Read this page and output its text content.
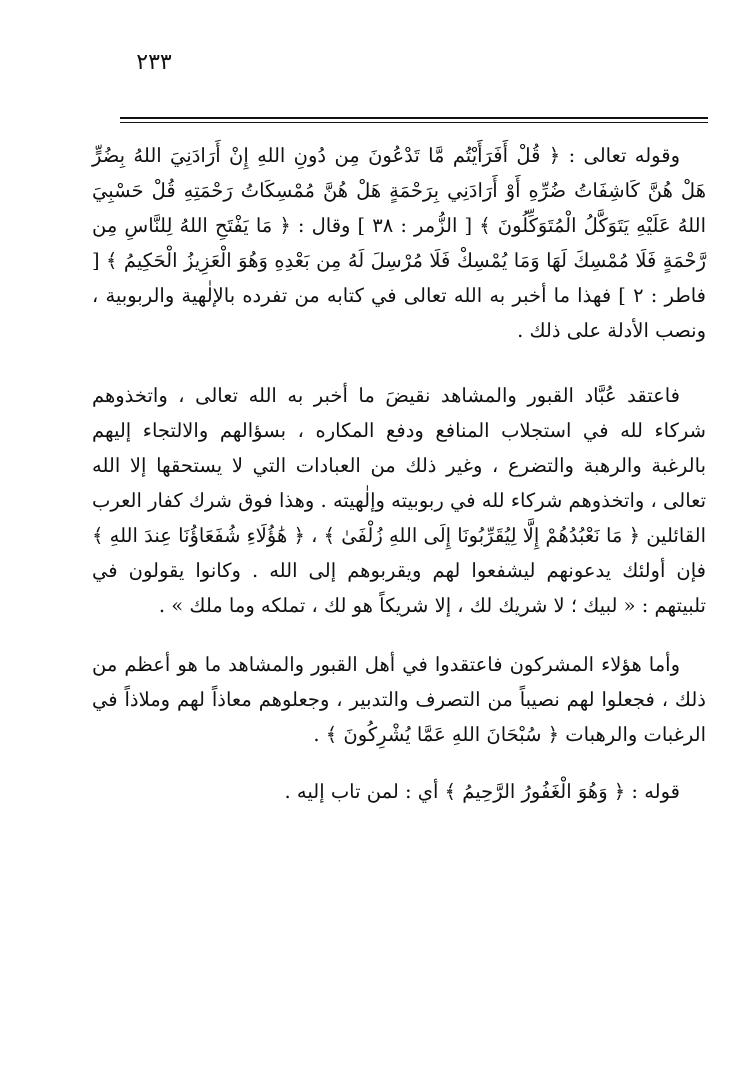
٢٣٣

وقوله تعالى : ﴿ قُلْ أَفَرَأَيْتُم مَّا تَدْعُونَ مِن دُونِ اللهِ إِنْ أَرَادَنِيَ اللهُ بِضُرٍّ هَلْ هُنَّ كَاشِفَاتُ ضُرِّهِ أَوْ أَرَادَنِي بِرَحْمَةٍ هَلْ هُنَّ مُمْسِكَاتُ رَحْمَتِهِ قُلْ حَسْبِيَ اللهُ عَلَيْهِ يَتَوَكَّلُ الْمُتَوَكِّلُونَ ﴾ [ الزُّمر : ٣٨ ] وقال : ﴿ مَا يَفْتَحِ اللهُ لِلنَّاسِ مِن رَّحْمَةٍ فَلَا مُمْسِكَ لَهَا وَمَا يُمْسِكْ فَلَا مُرْسِلَ لَهُ مِن بَعْدِهِ وَهُوَ الْعَزِيزُ الْحَكِيمُ ﴾ [ فاطر : ٢ ] فهذا ما أخبر به الله تعالى في كتابه من تفرده بالإلٰهية والربوبية ، ونصب الأدلة على ذلك .

فاعتقد عُبَّاد القبور والمشاهد نقيضَ ما أخبر به الله تعالى ، واتخذوهم شركاء لله في استجلاب المنافع ودفع المكاره ، بسؤالهم والالتجاء إليهم بالرغبة والرهبة والتضرع ، وغير ذلك من العبادات التي لا يستحقها إلا الله تعالى ، واتخذوهم شركاء لله في ربوبيته وإلٰهيته . وهذا فوق شرك كفار العرب القائلين ﴿ مَا نَعْبُدُهُمْ إِلَّا لِيُقَرِّبُونَا إِلَى اللهِ زُلْفَىٰ ﴾ ، ﴿ هَٰؤُلَاءِ شُفَعَاؤُنَا عِندَ اللهِ ﴾ فإن أولئك يدعونهم ليشفعوا لهم ويقربوهم إلى الله . وكانوا يقولون في تلبيتهم : « لبيك ؛ لا شريك لك ، إلا شريكاً هو لك ، تملكه وما ملك » .

وأما هؤلاء المشركون فاعتقدوا في أهل القبور والمشاهد ما هو أعظم من ذلك ، فجعلوا لهم نصيباً من التصرف والتدبير ، وجعلوهم معاذاً لهم وملاذاً في الرغبات والرهبات ﴿ سُبْحَانَ اللهِ عَمَّا يُشْرِكُونَ ﴾ .

قوله : ﴿ وَهُوَ الْغَفُورُ الرَّحِيمُ ﴾ أي : لمن تاب إليه .
